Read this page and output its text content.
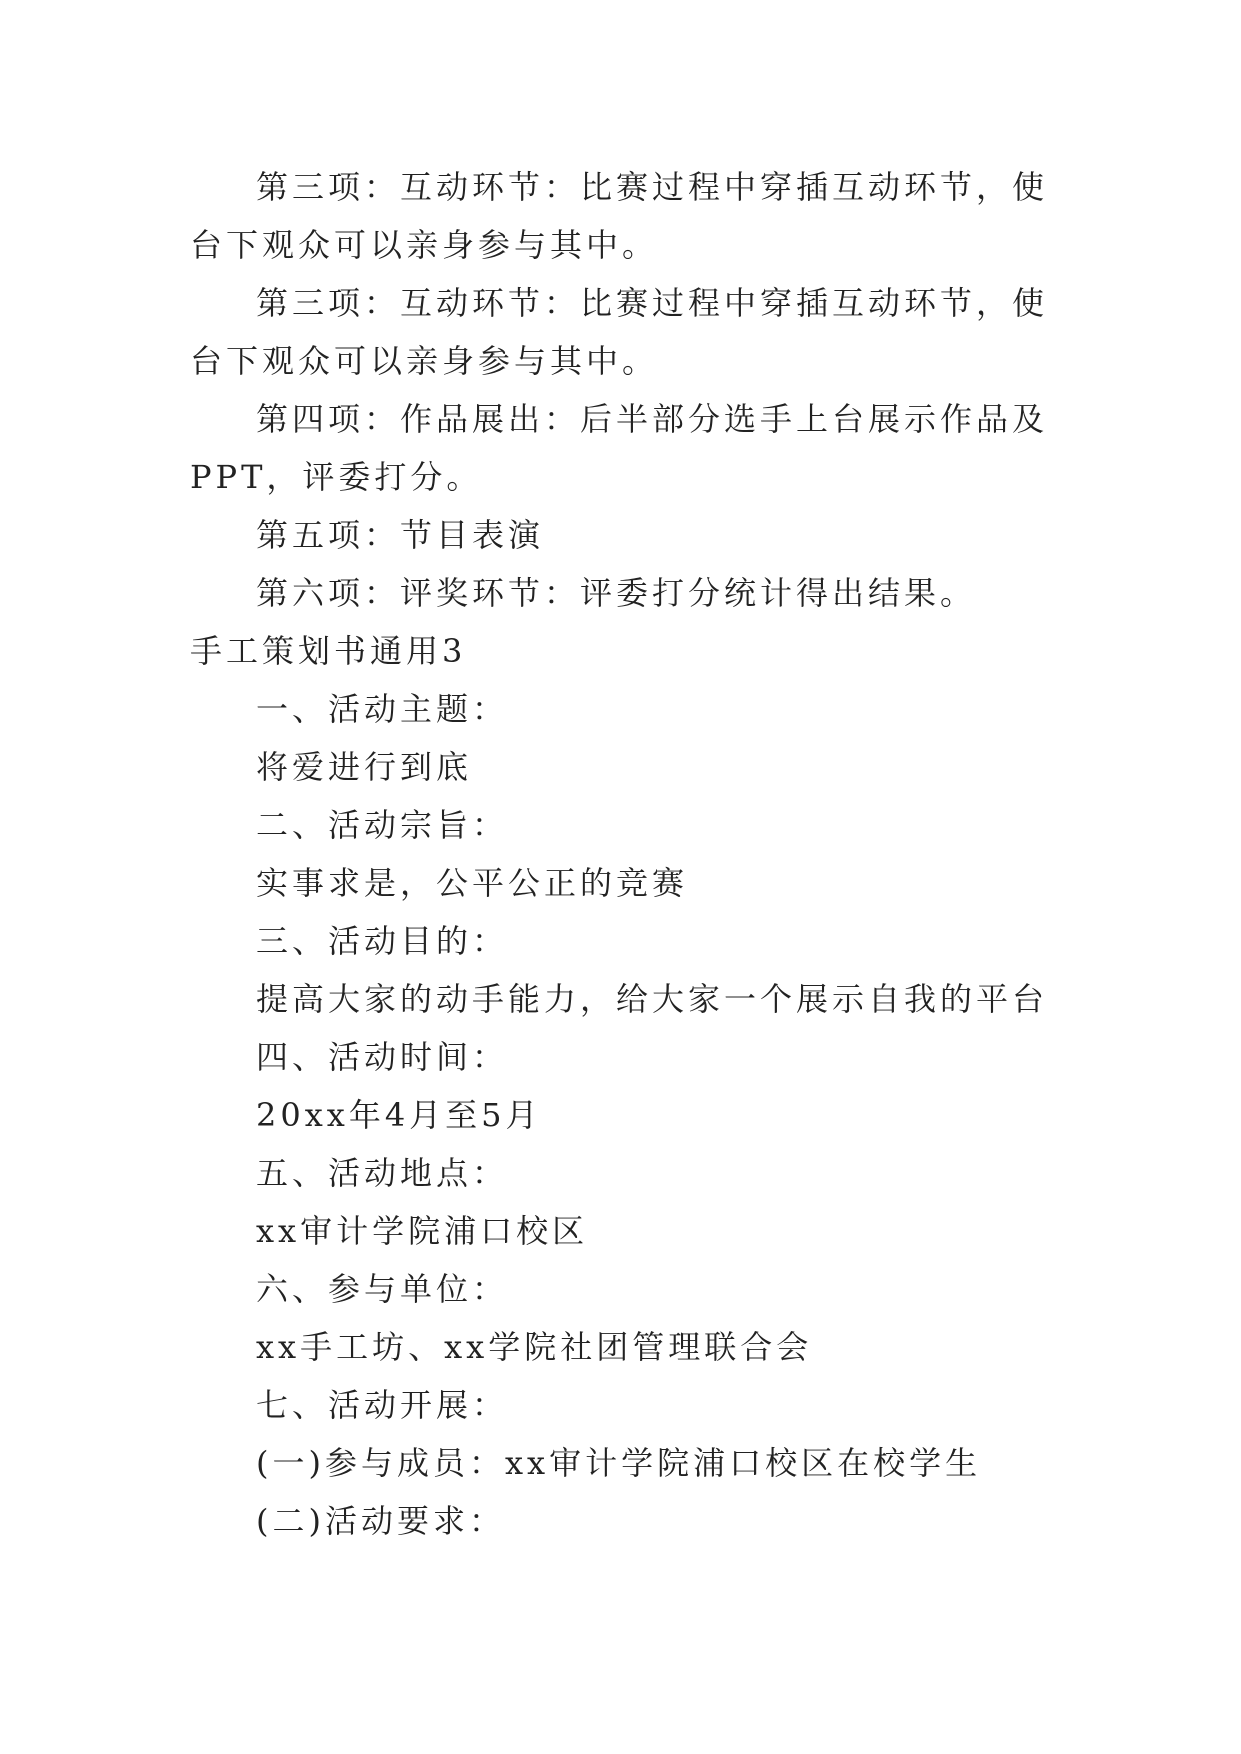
第三项：互动环节：比赛过程中穿插互动环节，使台下观众可以亲身参与其中。

第三项：互动环节：比赛过程中穿插互动环节，使台下观众可以亲身参与其中。

第四项：作品展出：后半部分选手上台展示作品及PPT，评委打分。

第五项：节目表演

第六项：评奖环节：评委打分统计得出结果。

手工策划书通用3

一、活动主题：

将爱进行到底

二、活动宗旨：

实事求是，公平公正的竞赛

三、活动目的：

提高大家的动手能力，给大家一个展示自我的平台

四、活动时间：

20xx年4月至5月

五、活动地点：

xx审计学院浦口校区

六、参与单位：

xx手工坊、xx学院社团管理联合会

七、活动开展：

(一)参与成员：xx审计学院浦口校区在校学生

(二)活动要求：
